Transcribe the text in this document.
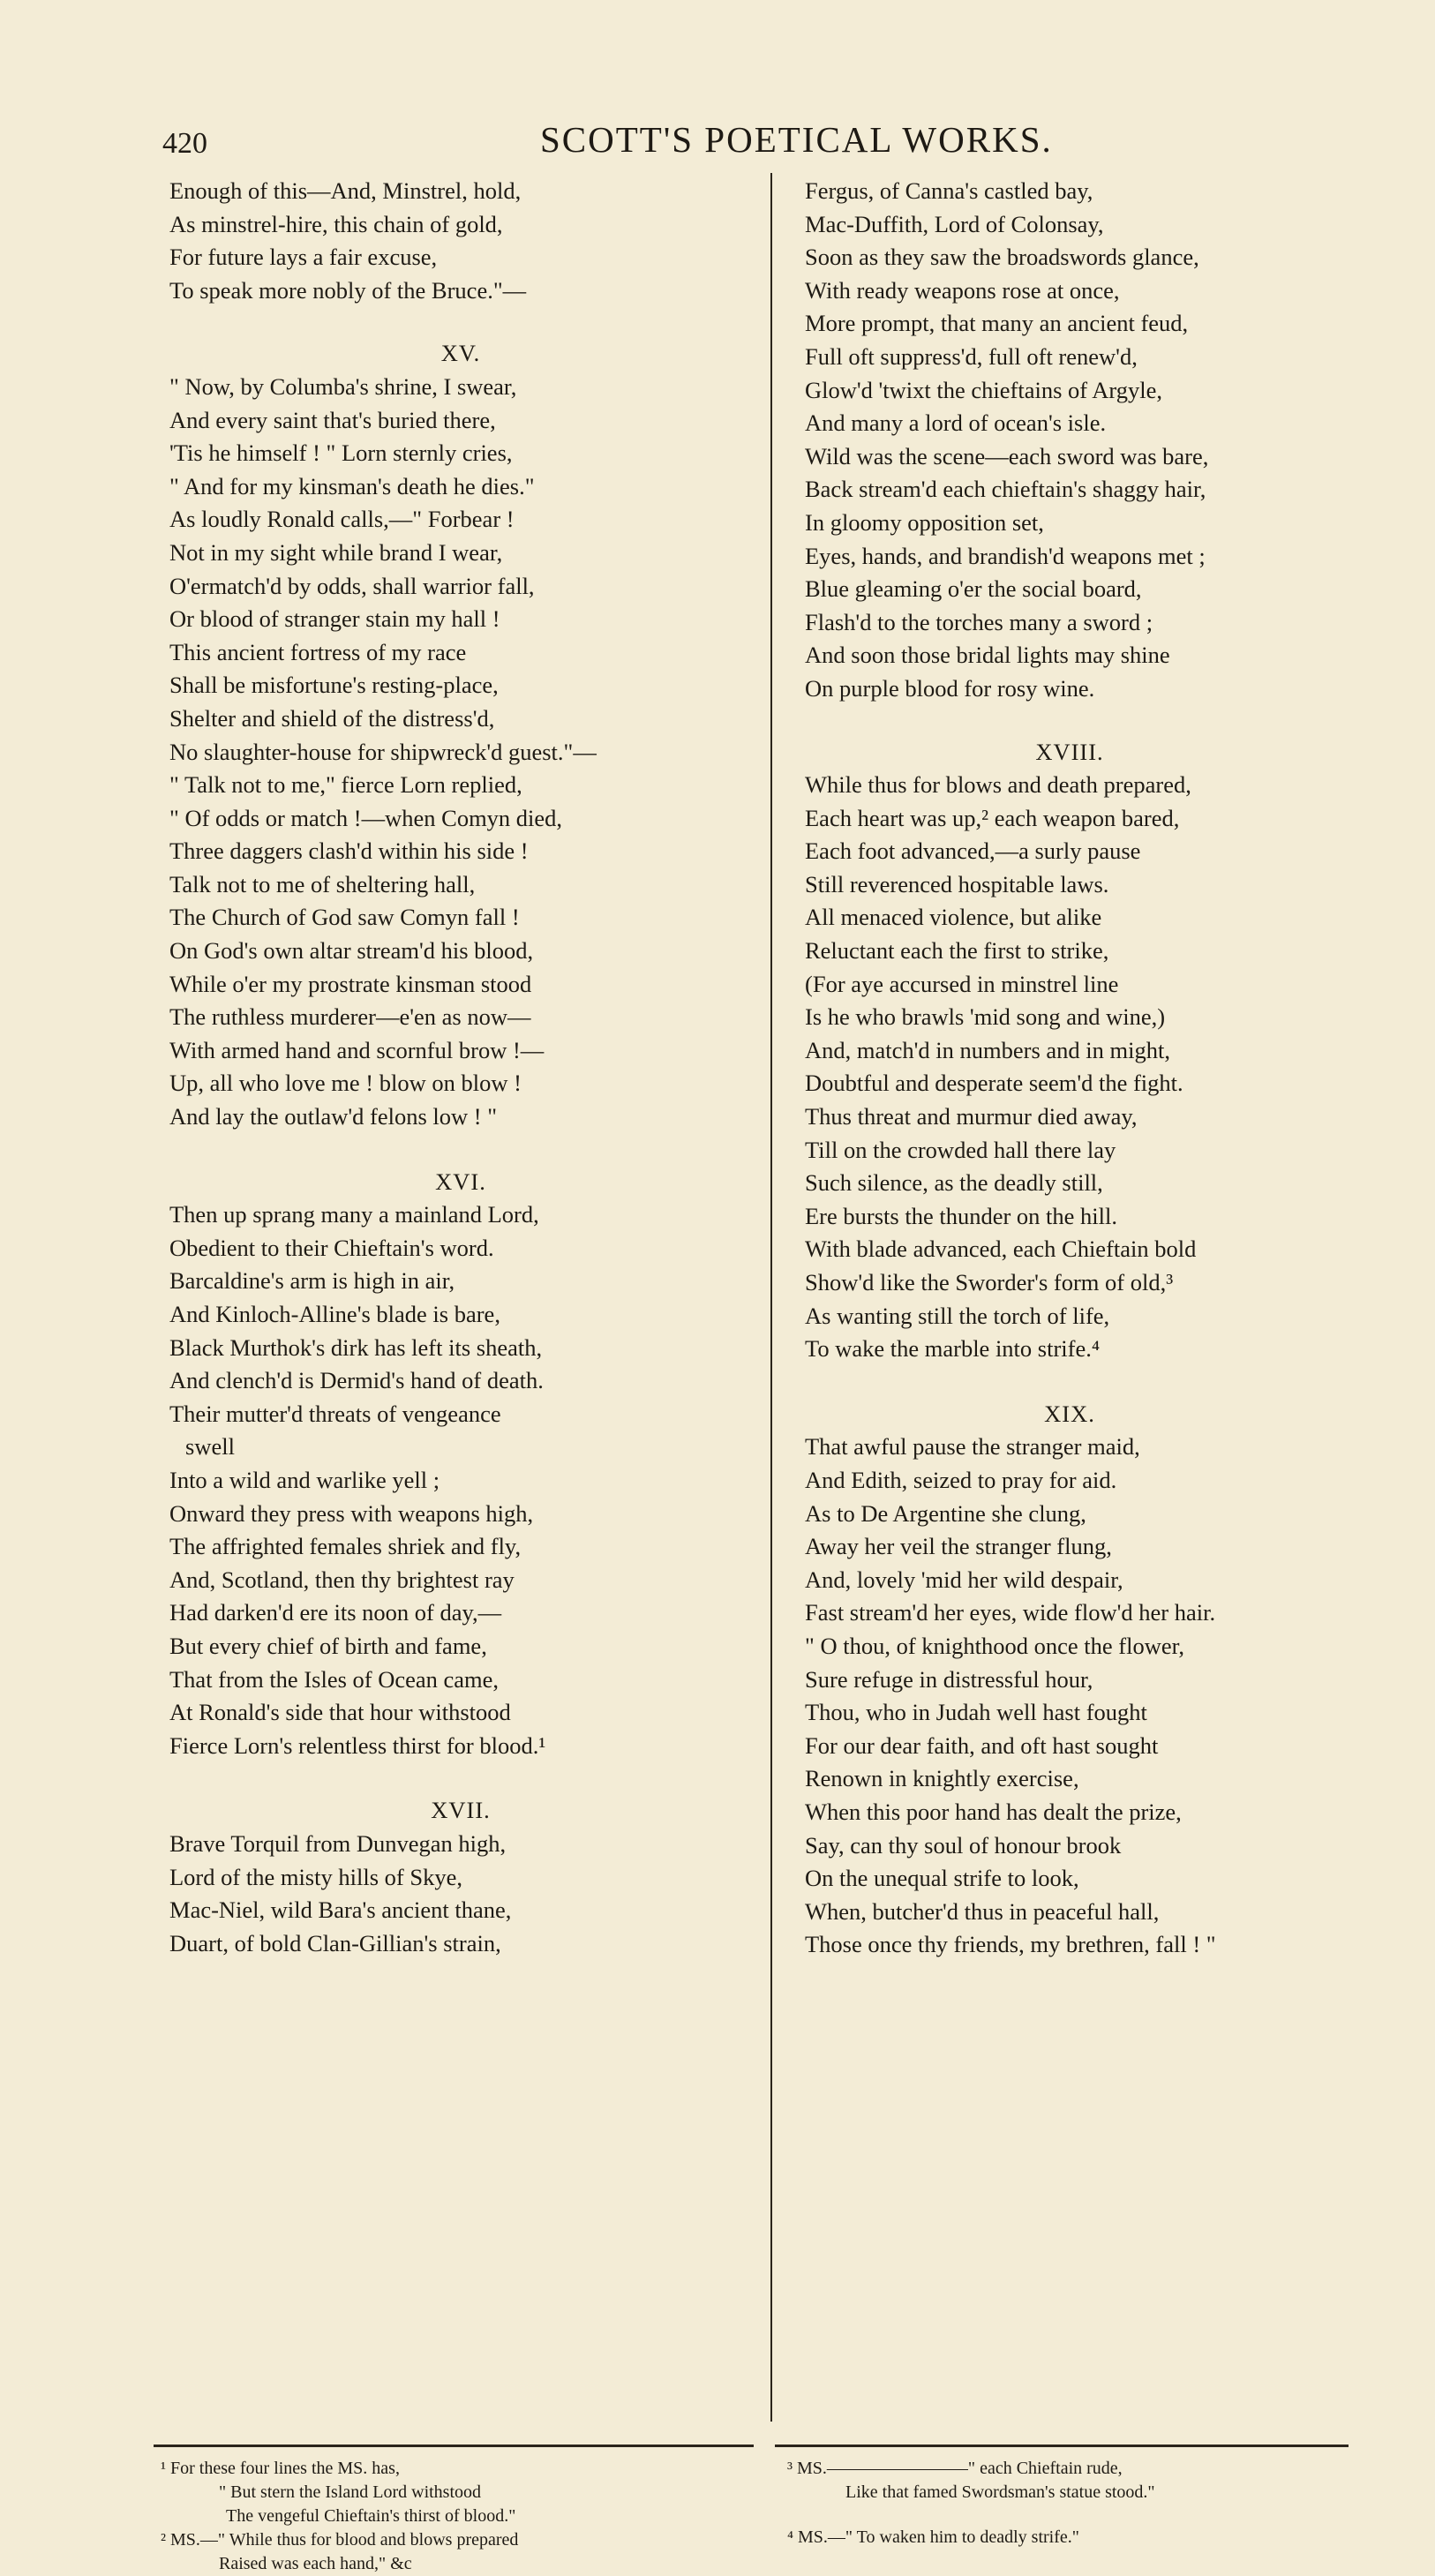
420	SCOTT'S POETICAL WORKS.
Enough of this—And, Minstrel, hold,
As minstrel-hire, this chain of gold,
For future lays a fair excuse,
To speak more nobly of the Bruce."—
XV.
" Now, by Columba's shrine, I swear,
And every saint that's buried there,
'Tis he himself ! " Lorn sternly cries,
" And for my kinsman's death he dies."
As loudly Ronald calls,—" Forbear !
Not in my sight while brand I wear,
O'ermatch'd by odds, shall warrior fall,
Or blood of stranger stain my hall !
This ancient fortress of my race
Shall be misfortune's resting-place,
Shelter and shield of the distress'd,
No slaughter-house for shipwreck'd guest."—
" Talk not to me," fierce Lorn replied,
" Of odds or match !—when Comyn died,
Three daggers clash'd within his side !
Talk not to me of sheltering hall,
The Church of God saw Comyn fall !
On God's own altar stream'd his blood,
While o'er my prostrate kinsman stood
The ruthless murderer—e'en as now—
With armed hand and scornful brow !—
Up, all who love me ! blow on blow !
And lay the outlaw'd felons low ! "
XVI.
Then up sprang many a mainland Lord,
Obedient to their Chieftain's word.
Barcaldine's arm is high in air,
And Kinloch-Alline's blade is bare,
Black Murthok's dirk has left its sheath,
And clench'd is Dermid's hand of death.
Their mutter'd threats of vengeance
swell
Into a wild and warlike yell ;
Onward they press with weapons high,
The affrighted females shriek and fly,
And, Scotland, then thy brightest ray
Had darken'd ere its noon of day,—
But every chief of birth and fame,
That from the Isles of Ocean came,
At Ronald's side that hour withstood
Fierce Lorn's relentless thirst for blood.¹
XVII.
Brave Torquil from Dunvegan high,
Lord of the misty hills of Skye,
Mac-Niel, wild Bara's ancient thane,
Duart, of bold Clan-Gillian's strain,
Fergus, of Canna's castled bay,
Mac-Duffith, Lord of Colonsay,
Soon as they saw the broadswords glance,
With ready weapons rose at once,
More prompt, that many an ancient feud,
Full oft suppress'd, full oft renew'd,
Glow'd 'twixt the chieftains of Argyle,
And many a lord of ocean's isle.
Wild was the scene—each sword was bare,
Back stream'd each chieftain's shaggy hair,
In gloomy opposition set,
Eyes, hands, and brandish'd weapons met ;
Blue gleaming o'er the social board,
Flash'd to the torches many a sword ;
And soon those bridal lights may shine
On purple blood for rosy wine.
XVIII.
While thus for blows and death prepared,
Each heart was up,² each weapon bared,
Each foot advanced,—a surly pause
Still reverenced hospitable laws.
All menaced violence, but alike
Reluctant each the first to strike,
(For aye accursed in minstrel line
Is he who brawls 'mid song and wine,)
And, match'd in numbers and in might,
Doubtful and desperate seem'd the fight.
Thus threat and murmur died away,
Till on the crowded hall there lay
Such silence, as the deadly still,
Ere bursts the thunder on the hill.
With blade advanced, each Chieftain bold
Show'd like the Sworder's form of old,³
As wanting still the torch of life,
To wake the marble into strife.⁴
XIX.
That awful pause the stranger maid,
And Edith, seized to pray for aid.
As to De Argentine she clung,
Away her veil the stranger flung,
And, lovely 'mid her wild despair,
Fast stream'd her eyes, wide flow'd her hair.
" O thou, of knighthood once the flower,
Sure refuge in distressful hour,
Thou, who in Judah well hast fought
For our dear faith, and oft hast sought
Renown in knightly exercise,
When this poor hand has dealt the prize,
Say, can thy soul of honour brook
On the unequal strife to look,
When, butcher'd thus in peaceful hall,
Those once thy friends, my brethren, fall ! "
¹ For these four lines the MS. has,
" But stern the Island Lord withstood
The vengeful Chieftain's thirst of blood."
² MS.—" While thus for blood and blows prepared
Raised was each hand," &c
³ MS.————————" each Chieftain rude,
Like that famed Swordsman's statue stood."
⁴ MS.—" To waken him to deadly strife."
